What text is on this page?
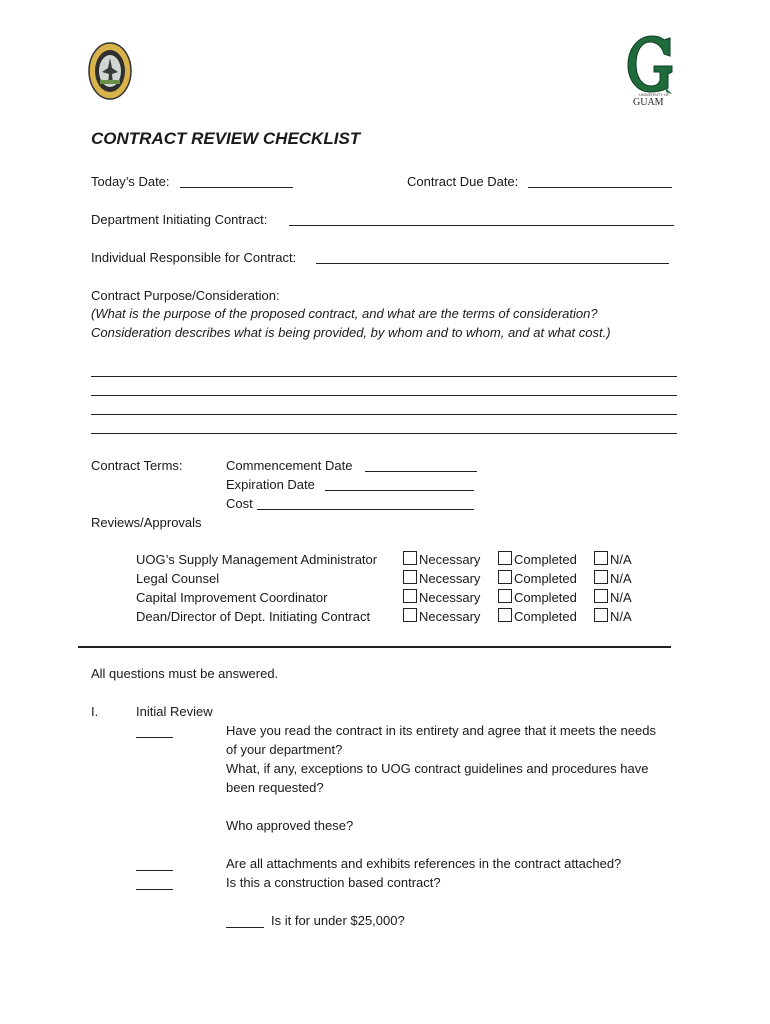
UNIVERSITY OF
GUAM
CONTRACT REVIEW CHECKLIST
Today’s Date:	Contract Due Date:
Department Initiating Contract:
Individual Responsible for Contract:
Contract Purpose/Consideration:
(What is the purpose of the proposed contract, and what are the terms of consideration?
Consideration describes what is being provided, by whom and to whom, and at what cost.)
Contract Terms:	Commencement Date
Expiration Date
Cost
Reviews/Approvals
UOG’s Supply Management Administrator	Necessary	Completed	N/A
Legal Counsel	Necessary	Completed	N/A
Capital Improvement Coordinator	Necessary	Completed	N/A
Dean/Director of Dept. Initiating Contract	Necessary	Completed	N/A
All questions must be answered.
I.	Initial Review
Have you read the contract in its entirety and agree that it meets the needs
of your department?
What, if any, exceptions to UOG contract guidelines and procedures have
been requested?
Who approved these?
Are all attachments and exhibits references in the contract attached?
Is this a construction based contract?
Is it for under $25,000?
